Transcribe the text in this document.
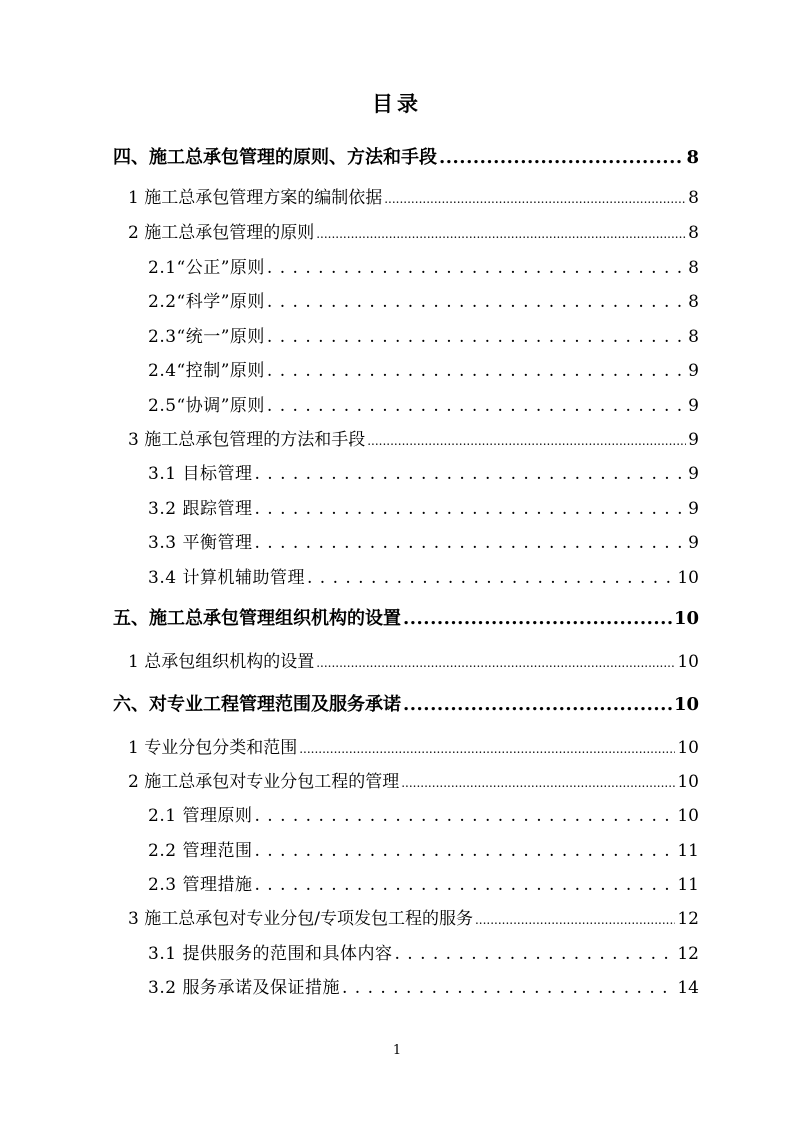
目录
四、施工总承包管理的原则、方法和手段 .....	8
1 施工总承包管理方案的编制依据 .....	8
2 施工总承包管理的原则 .....	8
2.1“公正”原则 . . .	8
2.2“科学”原则 . . .	8
2.3“统一”原则 . . .	8
2.4“控制”原则 . . .	9
2.5“协调”原则 . . .	9
3 施工总承包管理的方法和手段 .....	9
3.1 目标管理 . . .	9
3.2 跟踪管理 . . .	9
3.3 平衡管理 . . .	9
3.4 计算机辅助管理 . . .	10
五、施工总承包管理组织机构的设置 .....	10
1 总承包组织机构的设置 .....	10
六、对专业工程管理范围及服务承诺 .....	10
1 专业分包分类和范围 .....	10
2 施工总承包对专业分包工程的管理 .....	10
2.1 管理原则 . . .	10
2.2 管理范围 . . .	11
2.3 管理措施 . . .	11
3 施工总承包对专业分包/专项发包工程的服务 .....	12
3.1 提供服务的范围和具体内容 . . .	12
3.2 服务承诺及保证措施 . . .	14
1
